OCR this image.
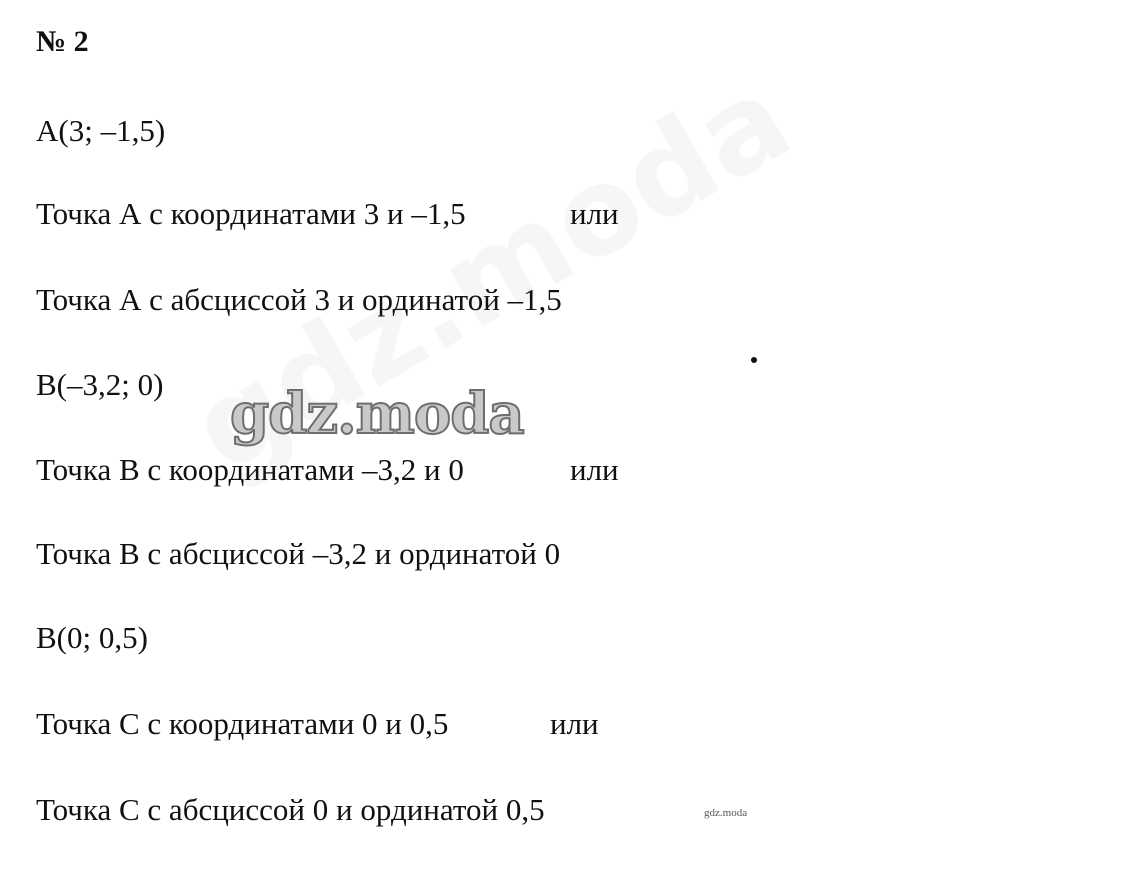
№ 2
A(3; –1,5)
Точка А с координатами 3 и –1,5	или
Точка А с абсциссой 3 и ординатой –1,5
B(–3,2; 0)
Точка В с координатами –3,2 и 0	или
Точка В с абсциссой –3,2 и ординатой 0
B(0; 0,5)
Точка С с координатами 0 и 0,5	или
Точка С с абсциссой 0 и ординатой 0,5
gdz.moda
gdz.moda
